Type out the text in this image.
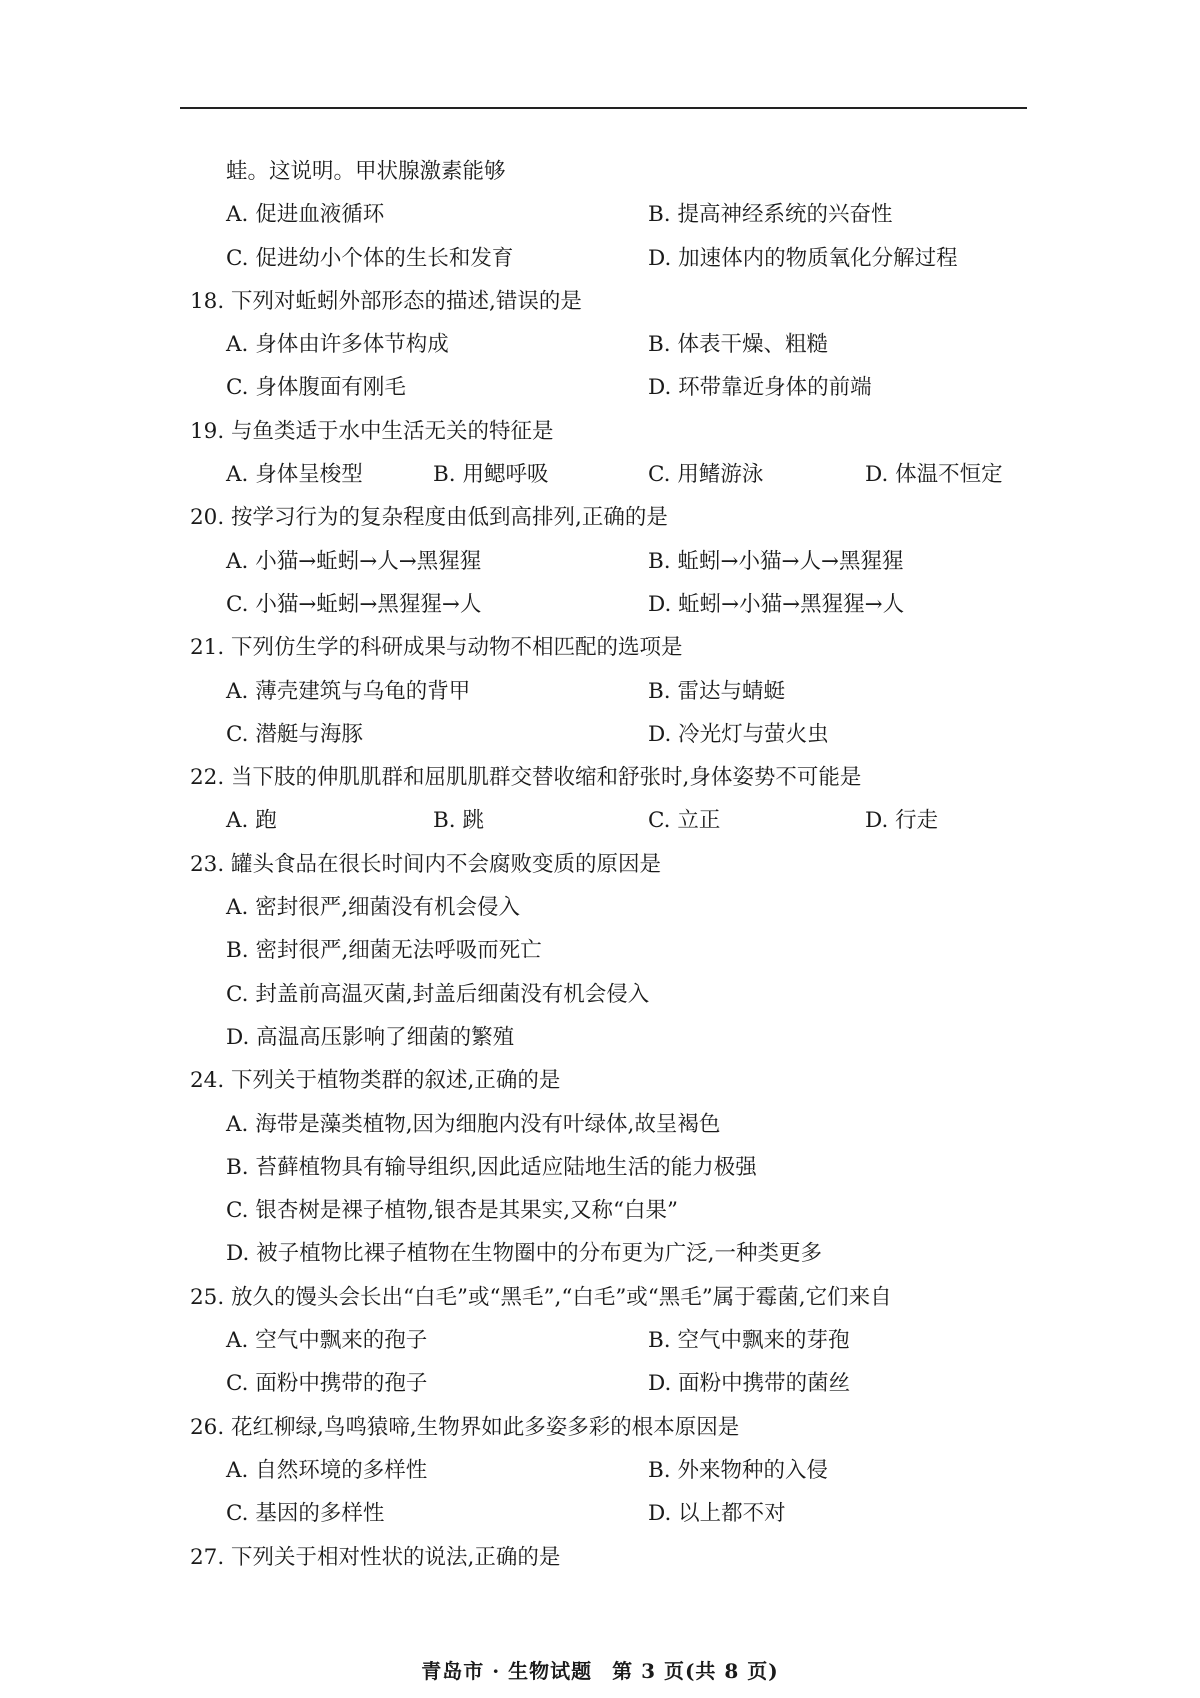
蛙。这说明。甲状腺激素能够
A. 促进血液循环	B. 提高神经系统的兴奋性
C. 促进幼小个体的生长和发育	D. 加速体内的物质氧化分解过程
18. 下列对蚯蚓外部形态的描述,错误的是
A. 身体由许多体节构成	B. 体表干燥、粗糙
C. 身体腹面有刚毛	D. 环带靠近身体的前端
19. 与鱼类适于水中生活无关的特征是
A. 身体呈梭型	B. 用鳃呼吸	C. 用鳍游泳	D. 体温不恒定
20. 按学习行为的复杂程度由低到高排列,正确的是
A. 小猫→蚯蚓→人→黑猩猩	B. 蚯蚓→小猫→人→黑猩猩
C. 小猫→蚯蚓→黑猩猩→人	D. 蚯蚓→小猫→黑猩猩→人
21. 下列仿生学的科研成果与动物不相匹配的选项是
A. 薄壳建筑与乌龟的背甲	B. 雷达与蜻蜓
C. 潜艇与海豚	D. 冷光灯与萤火虫
22. 当下肢的伸肌肌群和屈肌肌群交替收缩和舒张时,身体姿势不可能是
A. 跑	B. 跳	C. 立正	D. 行走
23. 罐头食品在很长时间内不会腐败变质的原因是
A. 密封很严,细菌没有机会侵入
B. 密封很严,细菌无法呼吸而死亡
C. 封盖前高温灭菌,封盖后细菌没有机会侵入
D. 高温高压影响了细菌的繁殖
24. 下列关于植物类群的叙述,正确的是
A. 海带是藻类植物,因为细胞内没有叶绿体,故呈褐色
B. 苔藓植物具有输导组织,因此适应陆地生活的能力极强
C. 银杏树是裸子植物,银杏是其果实,又称“白果”
D. 被子植物比裸子植物在生物圈中的分布更为广泛,一种类更多
25. 放久的馒头会长出“白毛”或“黑毛”,“白毛”或“黑毛”属于霉菌,它们来自
A. 空气中飘来的孢子	B. 空气中飘来的芽孢
C. 面粉中携带的孢子	D. 面粉中携带的菌丝
26. 花红柳绿,鸟鸣猿啼,生物界如此多姿多彩的根本原因是
A. 自然环境的多样性	B. 外来物种的入侵
C. 基因的多样性	D. 以上都不对
27. 下列关于相对性状的说法,正确的是
青岛市 · 生物试题 第 3 页(共 8 页)
